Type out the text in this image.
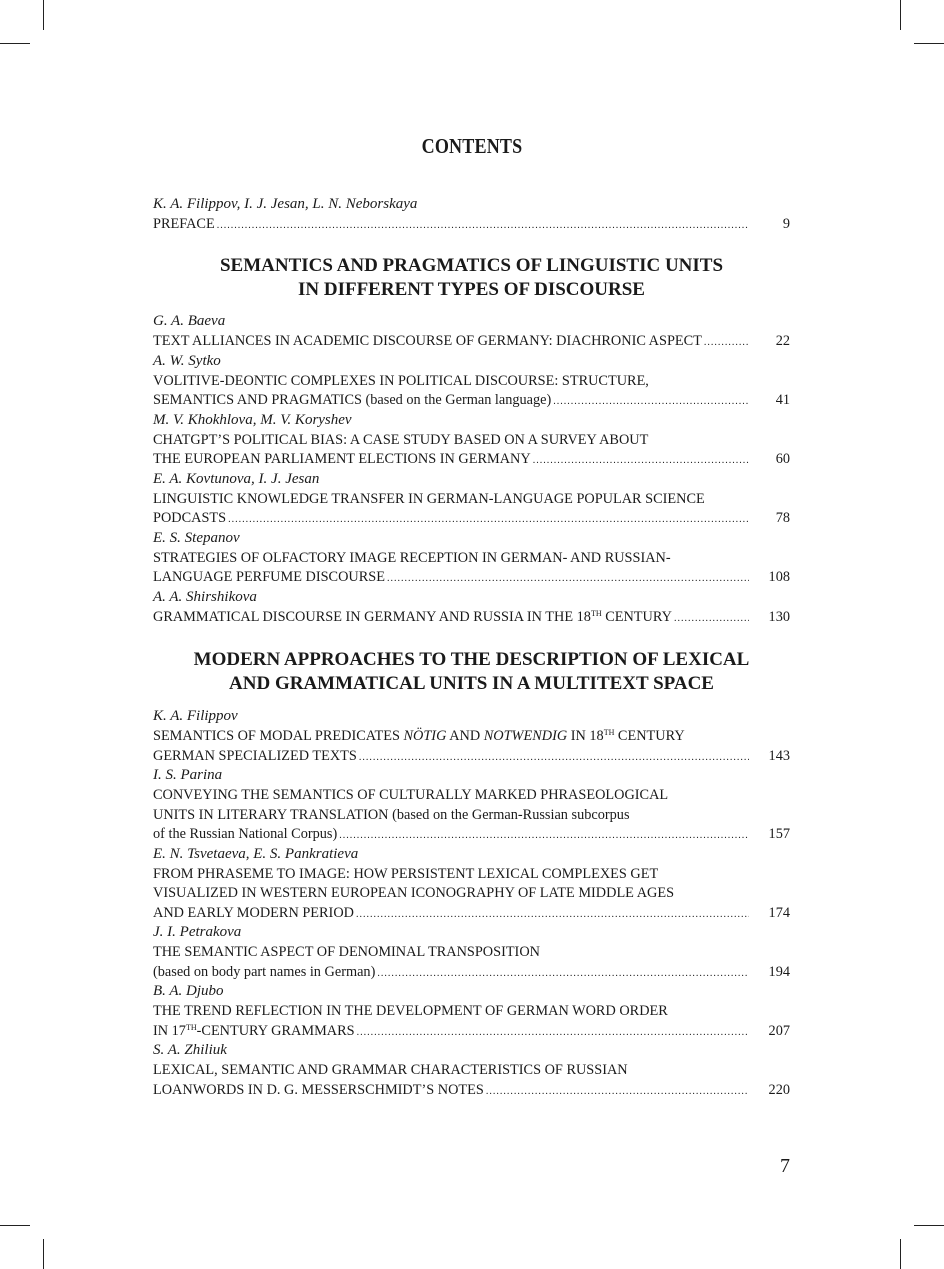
CONTENTS
K. A. Filippov, I. J. Jesan, L. N. Neborskaya
PREFACE .....	9
SEMANTICS AND PRAGMATICS OF LINGUISTIC UNITS
IN DIFFERENT TYPES OF DISCOURSE
G. A. Baeva
TEXT ALLIANCES IN ACADEMIC DISCOURSE OF GERMANY: DIACHRONIC ASPECT .....	22
A. W. Sytko
VOLITIVE-DEONTIC COMPLEXES IN POLITICAL DISCOURSE: STRUCTURE,
SEMANTICS AND PRAGMATICS (based on the German language) .....	41
M. V. Khokhlova, M. V. Koryshev
CHATGPT’S POLITICAL BIAS: A CASE STUDY BASED ON A SURVEY ABOUT
THE EUROPEAN PARLIAMENT ELECTIONS IN GERMANY .....	60
E. A. Kovtunova, I. J. Jesan
LINGUISTIC KNOWLEDGE TRANSFER IN GERMAN-LANGUAGE POPULAR SCIENCE
PODCASTS .....	78
E. S. Stepanov
STRATEGIES OF OLFACTORY IMAGE RECEPTION IN GERMAN- AND RUSSIAN-
LANGUAGE PERFUME DISCOURSE .....	108
A. A. Shirshikova
GRAMMATICAL DISCOURSE IN GERMANY AND RUSSIA IN THE 18TH CENTURY .....	130
MODERN APPROACHES TO THE DESCRIPTION OF LEXICAL
AND GRAMMATICAL UNITS IN A MULTITEXT SPACE
K. A. Filippov
SEMANTICS OF MODAL PREDICATES NÖTIG AND NOTWENDIG IN 18TH CENTURY
GERMAN SPECIALIZED TEXTS .....	143
I. S. Parina
CONVEYING THE SEMANTICS OF CULTURALLY MARKED PHRASEOLOGICAL
UNITS IN LITERARY TRANSLATION (based on the German-Russian subcorpus
of the Russian National Corpus) .....	157
E. N. Tsvetaeva, E. S. Pankratieva
FROM PHRASEME TO IMAGE: HOW PERSISTENT LEXICAL COMPLEXES GET
VISUALIZED IN WESTERN EUROPEAN ICONOGRAPHY OF LATE MIDDLE AGES
AND EARLY MODERN PERIOD .....	174
J. I. Petrakova
THE SEMANTIC ASPECT OF DENOMINAL TRANSPOSITION
(based on body part names in German) .....	194
B. A. Djubo
THE TREND REFLECTION IN THE DEVELOPMENT OF GERMAN WORD ORDER
IN 17TH-CENTURY GRAMMARS .....	207
S. A. Zhiliuk
LEXICAL, SEMANTIC AND GRAMMAR CHARACTERISTICS OF RUSSIAN
LOANWORDS IN D. G. MESSERSCHMIDT’S NOTES .....	220
7
